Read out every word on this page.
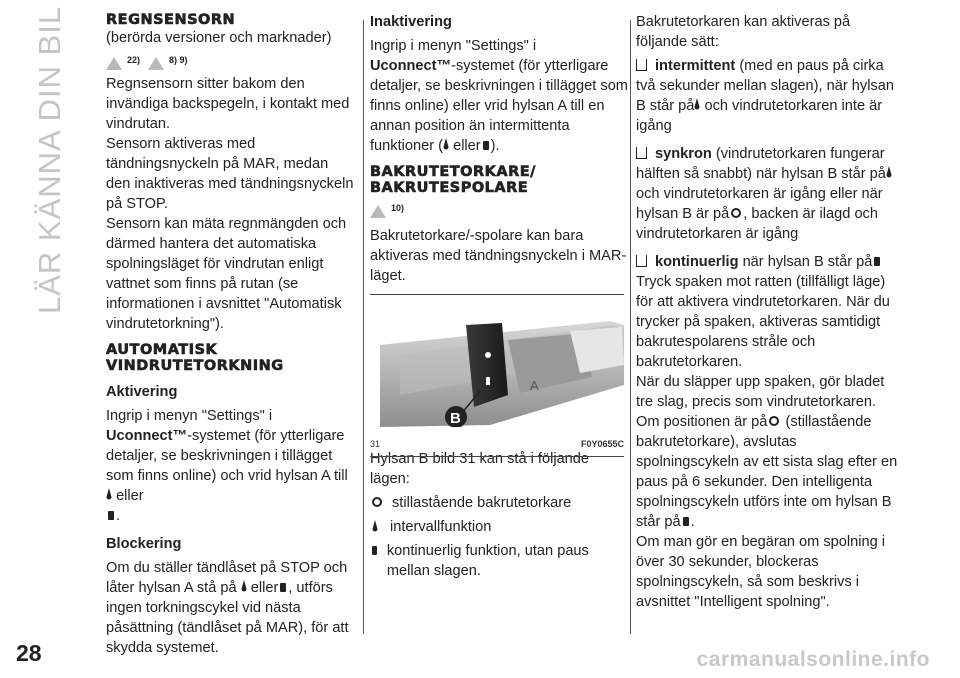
LÄR KÄNNA DIN BIL
28	carmanualsonline.info
REGNSENSORN

(berörda versioner och marknader)

22)	8) 9)

Regnsensorn sitter bakom den invändiga backspegeln, i kontakt med vindrutan.

Sensorn aktiveras med tändningsnyckeln på MAR, medan den inaktiveras med tändningsnyckeln på STOP.

Sensorn kan mäta regnmängden och därmed hantera det automatiska spolningsläget för vindrutan enligt vattnet som finns på rutan (se informationen i avsnittet "Automatisk vindrutetorkning").

AUTOMATISK
VINDRUTETORKNING
Aktivering

Ingrip i menyn "Settings" i
Uconnect™-systemet (för ytterligare detaljer, se beskrivningen i tillägget som finns online) och vrid hylsan A till  eller
.

Blockering

Om du ställer tändlåset på STOP och låter hylsan A stå på eller , utförs ingen torkningscykel vid nästa påsättning (tändlåset på MAR), för att skydda systemet.

Inaktivering

Ingrip i menyn "Settings" i
Uconnect™-systemet (för ytterligare detaljer, se beskrivningen i tillägget som finns online) eller vrid hylsan A till en annan position än intermittenta funktioner ( eller ).

BAKRUTETORKARE/
BAKRUTESPOLARE
10)

Bakrutetorkare/-spolare kan bara aktiveras med tändningsnyckeln i MAR-läget.

A
B
31	F0Y0655C

Hylsan B bild 31 kan stå i följande lägen:

stillastående bakrutetorkare
intervallfunktion
kontinuerlig funktion, utan paus mellan slagen.

Bakrutetorkaren kan aktiveras på följande sätt:

intermittent (med en paus på cirka två sekunder mellan slagen), när hylsan B står på och vindrutetorkaren inte är igång

synkron (vindrutetorkaren fungerar hälften så snabbt) när hylsan B står på och vindrutetorkaren är igång eller när hylsan B är på , backen är ilagd och vindrutetorkaren är igång

kontinuerlig när hylsan B står på

Tryck spaken mot ratten (tillfälligt läge) för att aktivera vindrutetorkaren. När du trycker på spaken, aktiveras samtidigt bakrutespolarens stråle och bakrutetorkaren.

När du släpper upp spaken, gör bladet tre slag, precis som vindrutetorkaren. Om positionen är på (stillastående bakrutetorkare), avslutas spolningscykeln av ett sista slag efter en paus på 6 sekunder. Den intelligenta spolningscykeln utförs inte om hylsan B står på .

Om man gör en begäran om spolning i över 30 sekunder, blockeras spolningscykeln, så som beskrivs i avsnittet "Intelligent spolning".
